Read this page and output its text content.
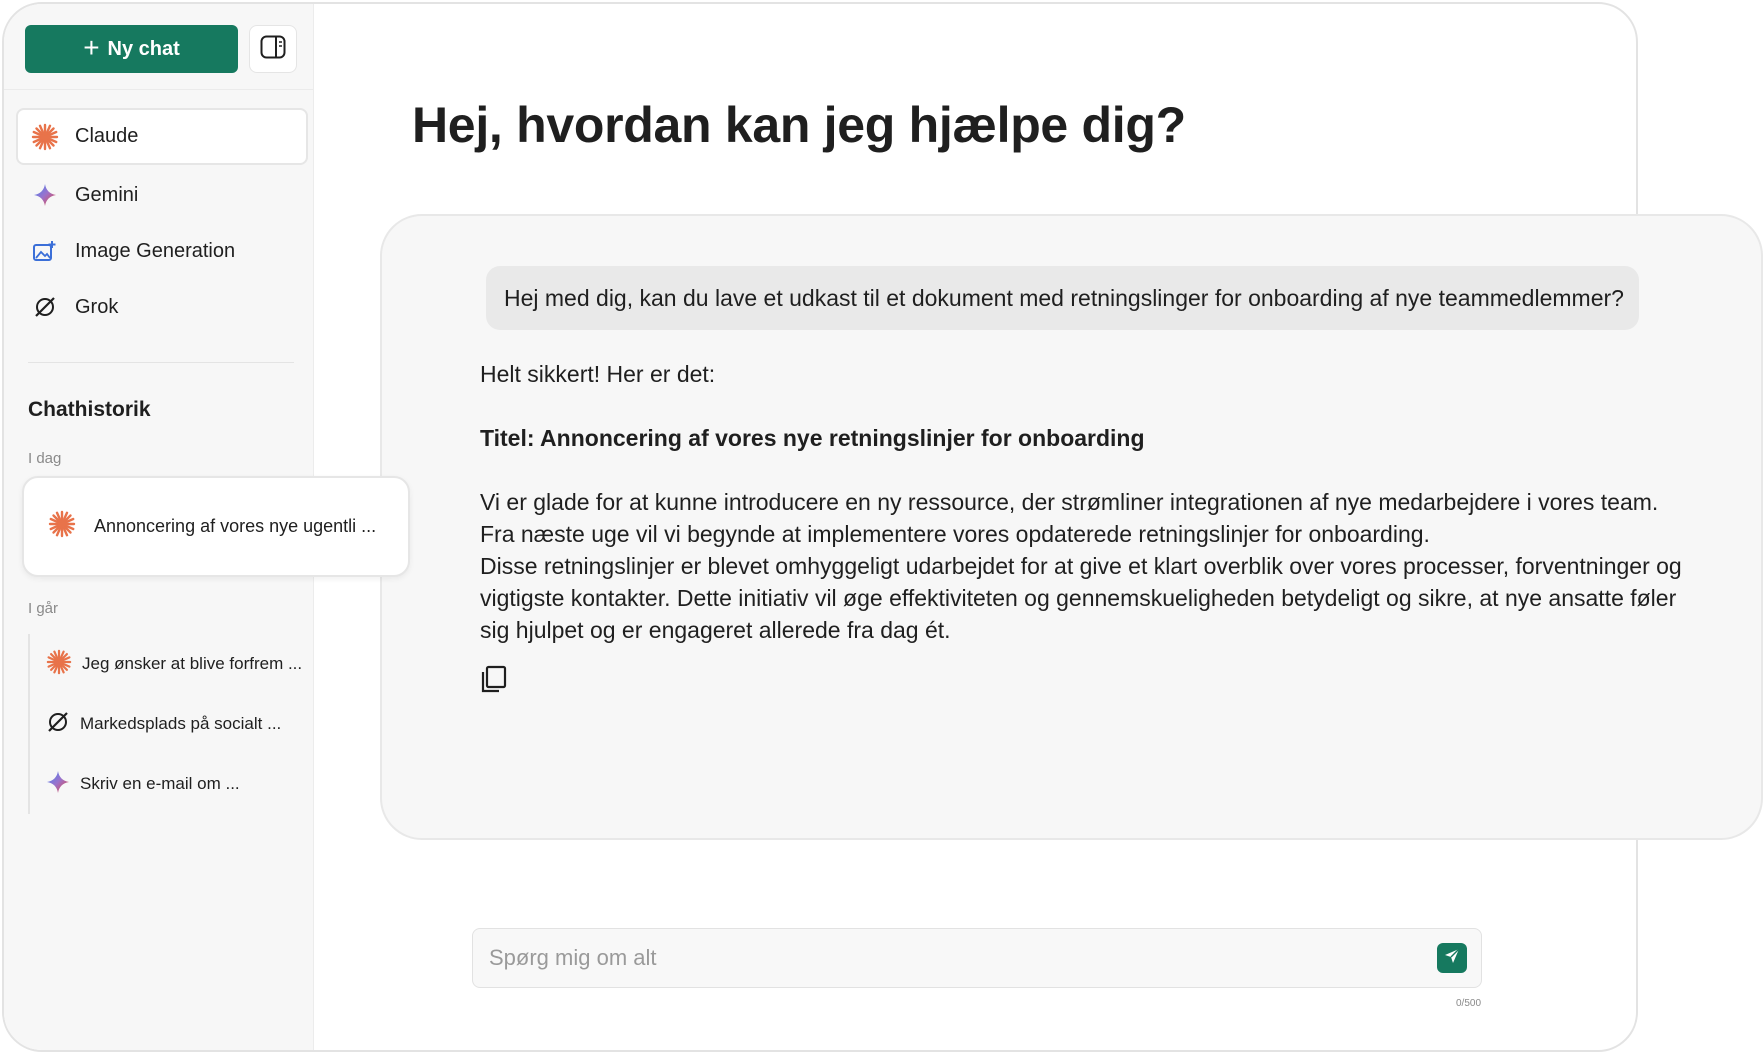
+ Ny chat
Claude
Gemini
Image Generation
Grok
Chathistorik
I dag
I går
Jeg ønsker at blive forfrem ...
Markedsplads på socialt ...
Skriv en e-mail om ...
Hej, hvordan kan jeg hjælpe dig?
Spørg mig om alt
0/500
Annoncering af vores nye ugentli ...
Hej med dig, kan du lave et udkast til et dokument med retningslinger for onboarding af nye teammedlemmer?

Helt sikkert! Her er det:

Titel: Annoncering af vores nye retningslinjer for onboarding

Vi er glade for at kunne introducere en ny ressource, der strømliner integrationen af nye medarbejdere i vores team. Fra næste uge vil vi begynde at implementere vores opdaterede retningslinjer for onboarding.

Disse retningslinjer er blevet omhyggeligt udarbejdet for at give et klart overblik over vores processer, forventninger og vigtigste kontakter. Dette initiativ vil øge effektiviteten og gennemskueligheden betydeligt og sikre, at nye ansatte føler sig hjulpet og er engageret allerede fra dag ét.
